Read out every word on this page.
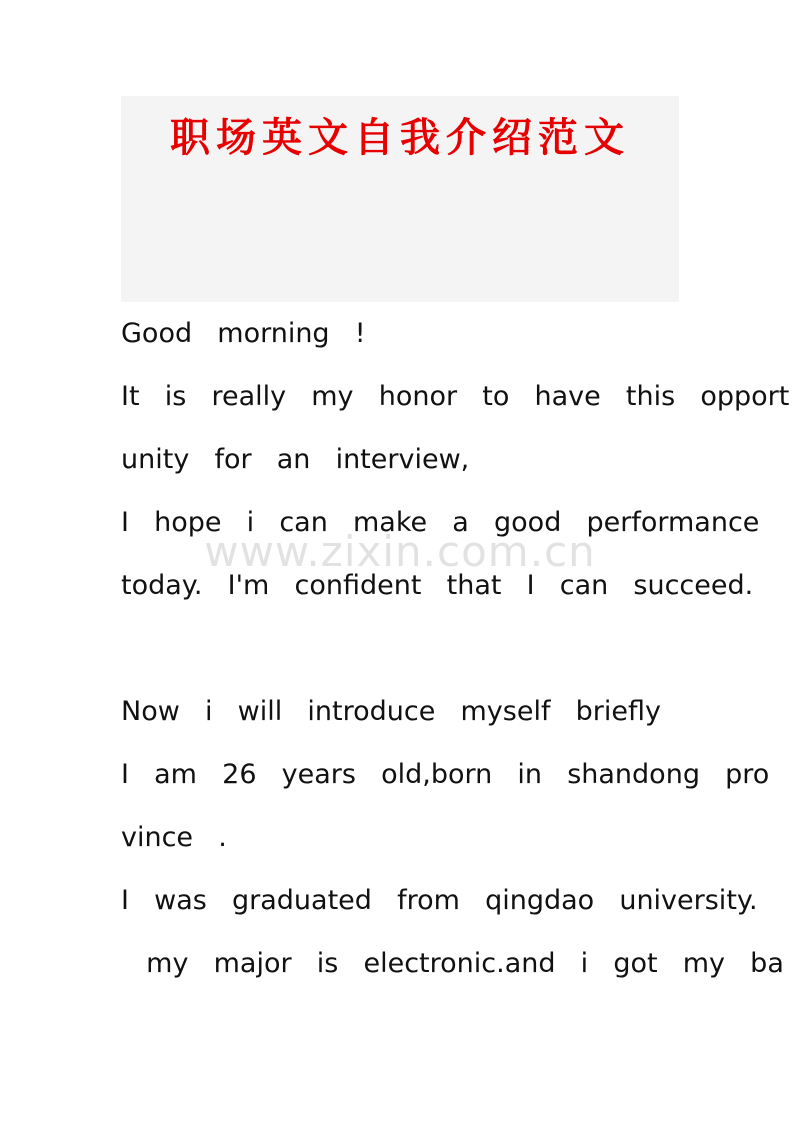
职场英文自我介绍范文
Good  morning  !
It  is  really  my  honor  to  have  this  opport
unity  for  an  interview,
I  hope  i  can  make  a  good  performance
today.  I'm  confident  that  I  can  succeed.
Now  i  will  introduce  myself  briefly
I  am  26  years  old,born  in  shandong  pro
vince  .
I  was  graduated  from  qingdao  university.
my  major  is  electronic.and  i  got  my  ba
www.zixin.com.cn
